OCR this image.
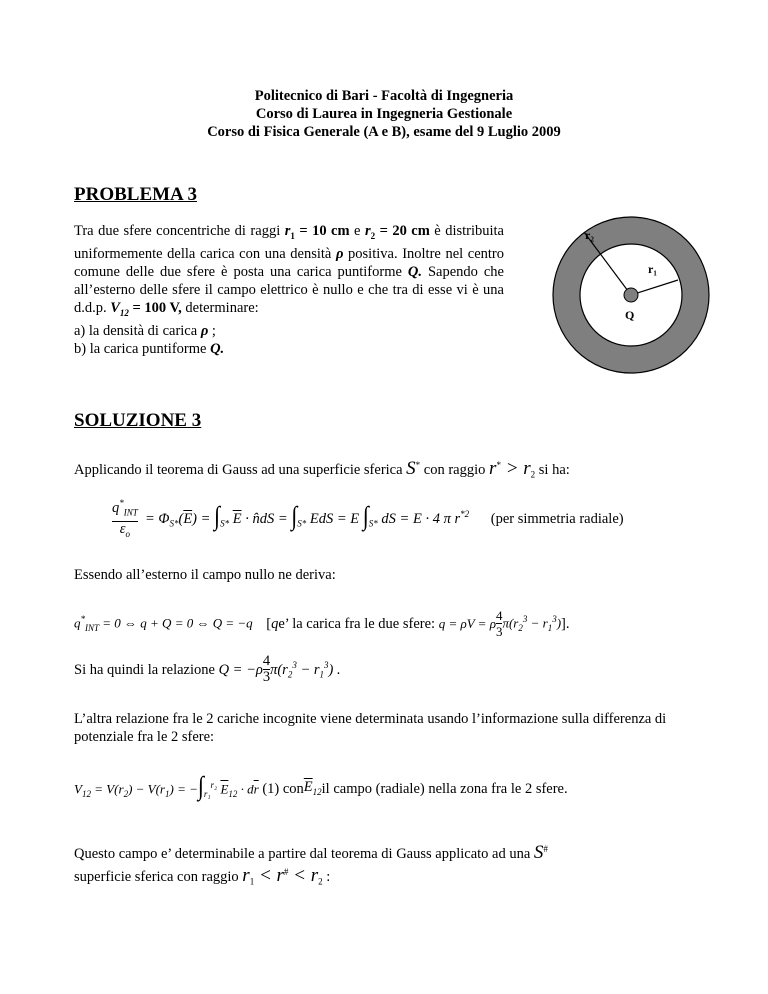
Politecnico di Bari - Facoltà di Ingegneria
Corso di Laurea in Ingegneria Gestionale
Corso di Fisica Generale (A e B), esame del 9 Luglio 2009
PROBLEMA 3
Tra due sfere concentriche di raggi $r_1 = 10$ cm e $r_2 = 20$ cm è distribuita uniformemente della carica con una densità ρ positiva. Inoltre nel centro comune delle due sfere è posta una carica puntiforme Q. Sapendo che all’esterno delle sfere il campo elettrico è nullo e che tra di esse vi è una d.d.p. $V_{12} = 100$ V, determinare:
a) la densità di carica ρ ;
b) la carica puntiforme Q.
r₂
r₁
Q
SOLUZIONE 3
Applicando il teorema di Gauss ad una superficie sferica S* con raggio $r^* > r_2$ si ha:
$\frac{q^*_{INT}}{\varepsilon_o} = \Phi_{S*}(\overline{E}) = \int_{S*}$ $\overline{E}$ · n̂dS = $\int_{S*}$ EdS = E $\int_{S*}$ dS = E · 4 π $r^{*2}$ (per simmetria radiale)
Essendo all’esterno il campo nullo ne deriva:
$q^*_{INT} = 0$ ⇔ q + Q = 0 ⇔ Q = −q [qe’ la carica fra le due sfere: q = ρV = ρ $\frac{4}{3} \pi(r_2^3 - r_1^3)$].
Si ha quindi la relazione $Q = -\rho \frac{4}{3} \pi(r_2^3 - r_1^3)$ .
L’altra relazione fra le 2 cariche incognite viene determinata usando l’informazione sulla differenza di potenziale fra le 2 sfere:
$V_{12} = V(r_2) - V(r_1) = -\int_{r_1}^{r_2}$ $\overline{E}_{12} \cdot d\overline{r}$ (1) $con\overline{E}_{12}il$ campo (radiale) nella zona fra le 2 sfere.
Questo campo e’ determinabile a partire dal teorema di Gauss applicato ad una S#
superficie sferica con raggio $r_1 < r^{\#} < r_2$ :
